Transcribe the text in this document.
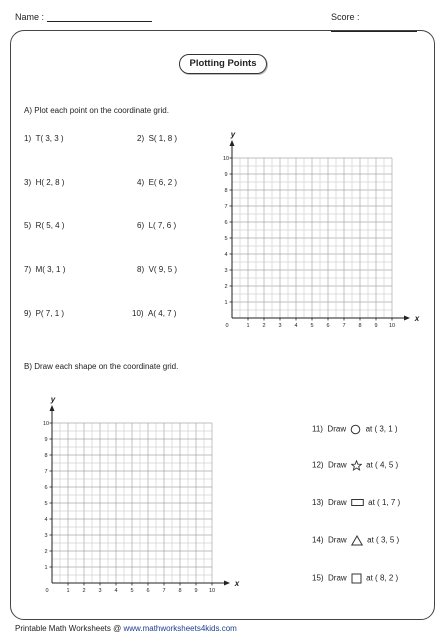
Name :	Score :
Plotting Points
A) Plot each point on the coordinate grid.
B) Draw each shape on the coordinate grid.
1) T( 3, 3 )	2) S( 1, 8 )
3) H( 2, 8 )	4) E( 6, 2 )
5) R( 5, 4 )	6) L( 7, 6 )
7) M( 3, 1 )	8) V( 9, 5 )
9) P( 7, 1 )	10) A( 4, 7 )
11) Draw at ( 3, 1 )
12) Draw at ( 4, 5 )
13) Draw	at ( 1, 7 )
14) Draw	at ( 3, 5 )
15) Draw at ( 8, 2 )
1
1
2
2
3
3
4
4
5
5
6
6
7
7
8
8
9
9
10
10
0
x
y
1
1
2
2
3
3
4
4
5
5
6
6
7
7
8
8
9
9
10
10
0
x
y
Printable Math Worksheets @ www.mathworksheets4kids.com
